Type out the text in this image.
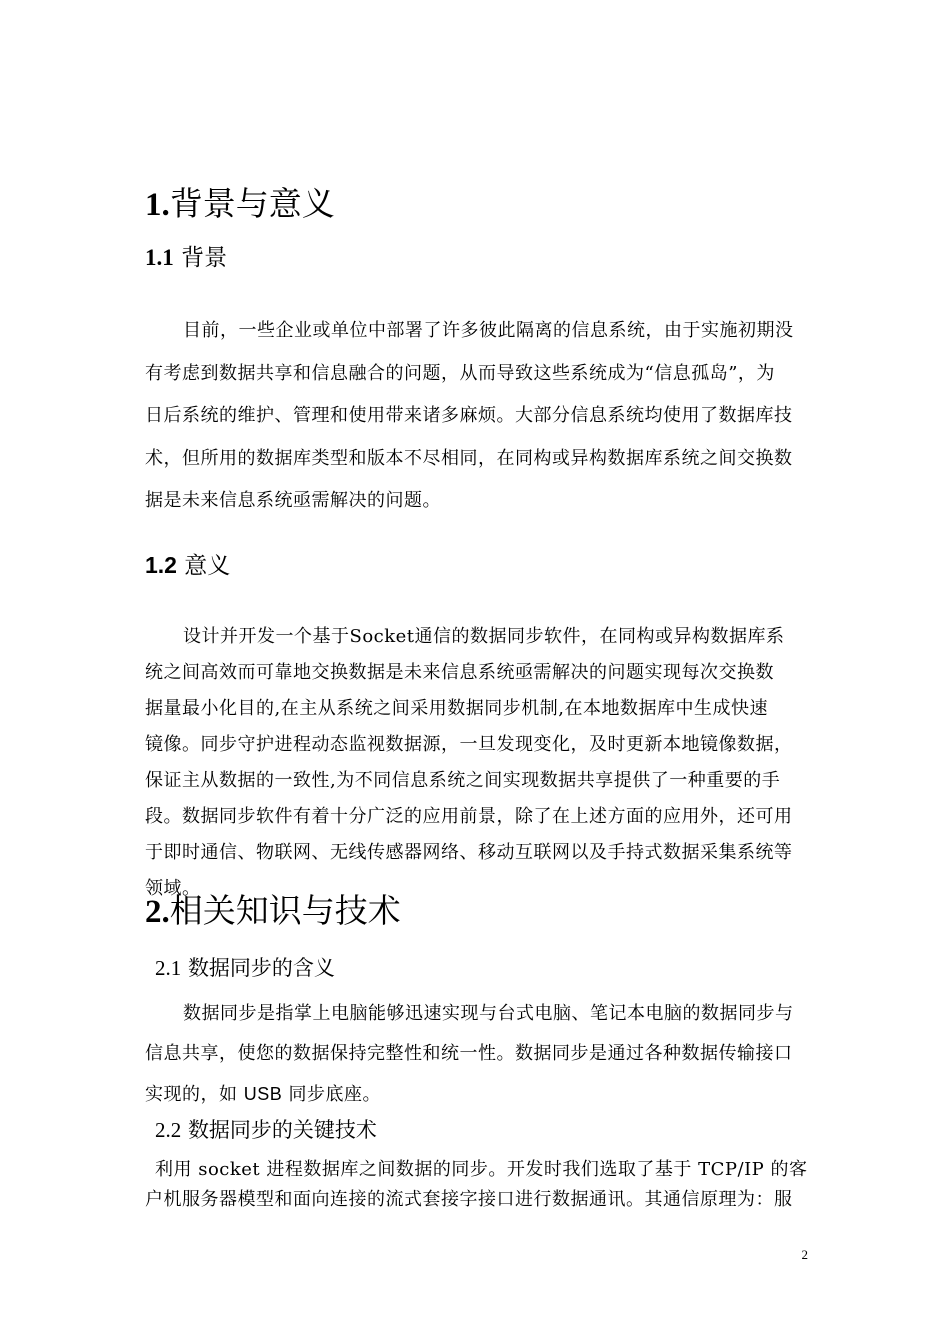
1.背景与意义
1.1 背景
目前，一些企业或单位中部署了许多彼此隔离的信息系统，由于实施初期没
有考虑到数据共享和信息融合的问题，从而导致这些系统成为“信息孤岛”，为
日后系统的维护、管理和使用带来诸多麻烦。大部分信息系统均使用了数据库技
术，但所用的数据库类型和版本不尽相同，在同构或异构数据库系统之间交换数
据是未来信息系统亟需解决的问题。
1.2 意义
设计并开发一个基于Socket通信的数据同步软件，在同构或异构数据库系
统之间高效而可靠地交换数据是未来信息系统亟需解决的问题实现每次交换数
据量最小化目的,在主从系统之间采用数据同步机制,在本地数据库中生成快速
镜像。同步守护进程动态监视数据源，一旦发现变化，及时更新本地镜像数据，
保证主从数据的一致性,为不同信息系统之间实现数据共享提供了一种重要的手
段。数据同步软件有着十分广泛的应用前景，除了在上述方面的应用外，还可用
于即时通信、物联网、无线传感器网络、移动互联网以及手持式数据采集系统等
领域。
2.相关知识与技术
2.1 数据同步的含义
数据同步是指掌上电脑能够迅速实现与台式电脑、笔记本电脑的数据同步与
信息共享，使您的数据保持完整性和统一性。数据同步是通过各种数据传输接口
实现的，如 USB 同步底座。
2.2 数据同步的关键技术
利用 socket 进程数据库之间数据的同步。开发时我们选取了基于 TCP/IP 的客
户机服务器模型和面向连接的流式套接字接口进行数据通讯。其通信原理为：服
2
